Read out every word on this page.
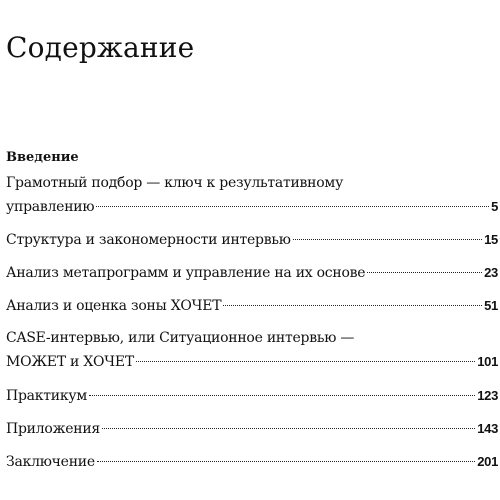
Содержание
Введение
Грамотный подбор — ключ к результативному
управлению	5
Структура и закономерности интервью	15
Анализ метапрограмм и управление на их основе	23
Анализ и оценка зоны ХОЧЕТ	51
CASE-интервью, или Ситуационное интервью —
МОЖЕТ и ХОЧЕТ	101
Практикум	123
Приложения	143
Заключение	201
